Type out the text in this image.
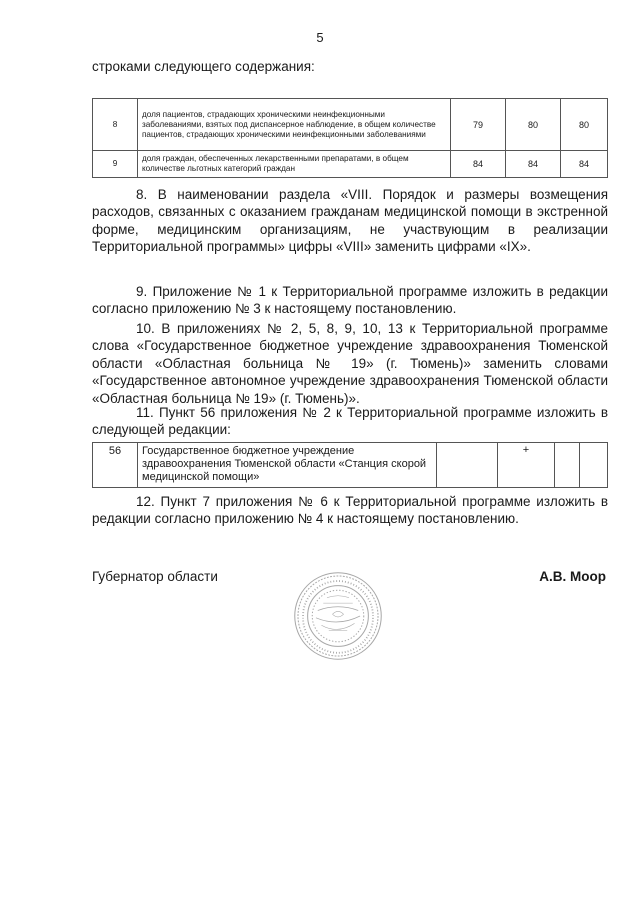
5
строками следующего содержания:
8	доля пациентов, страдающих хроническими неинфекционными заболеваниями, взятых под диспансерное наблюдение, в общем количестве пациентов, страдающих хроническими неинфекционными заболеваниями	79	80	80
9	доля граждан, обеспеченных лекарственными препаратами, в общем количестве льготных категорий граждан	84	84	84

8. В наименовании раздела «VIII. Порядок и размеры возмещения расходов, связанных с оказанием гражданам медицинской помощи в экстренной форме, медицинским организациям, не участвующим в реализации Территориальной программы» цифры «VIII» заменить цифрами «IX».

9. Приложение № 1 к Территориальной программе изложить в редакции согласно приложению № 3 к настоящему постановлению.

10. В приложениях № 2, 5, 8, 9, 10, 13 к Территориальной программе слова «Государственное бюджетное учреждение здравоохранения Тюменской области «Областная больница № 19» (г. Тюмень)» заменить словами «Государственное автономное учреждение здравоохранения Тюменской области «Областная больница № 19» (г. Тюмень)».

11. Пункт 56 приложения № 2 к Территориальной программе изложить в следующей редакции:

56	Государственное бюджетное учреждение здравоохранения Тюменской области «Станция скорой медицинской помощи»		+		

12. Пункт 7 приложения № 6 к Территориальной программе изложить в редакции согласно приложению № 4 к настоящему постановлению.

Губернатор области	А.В. Моор
